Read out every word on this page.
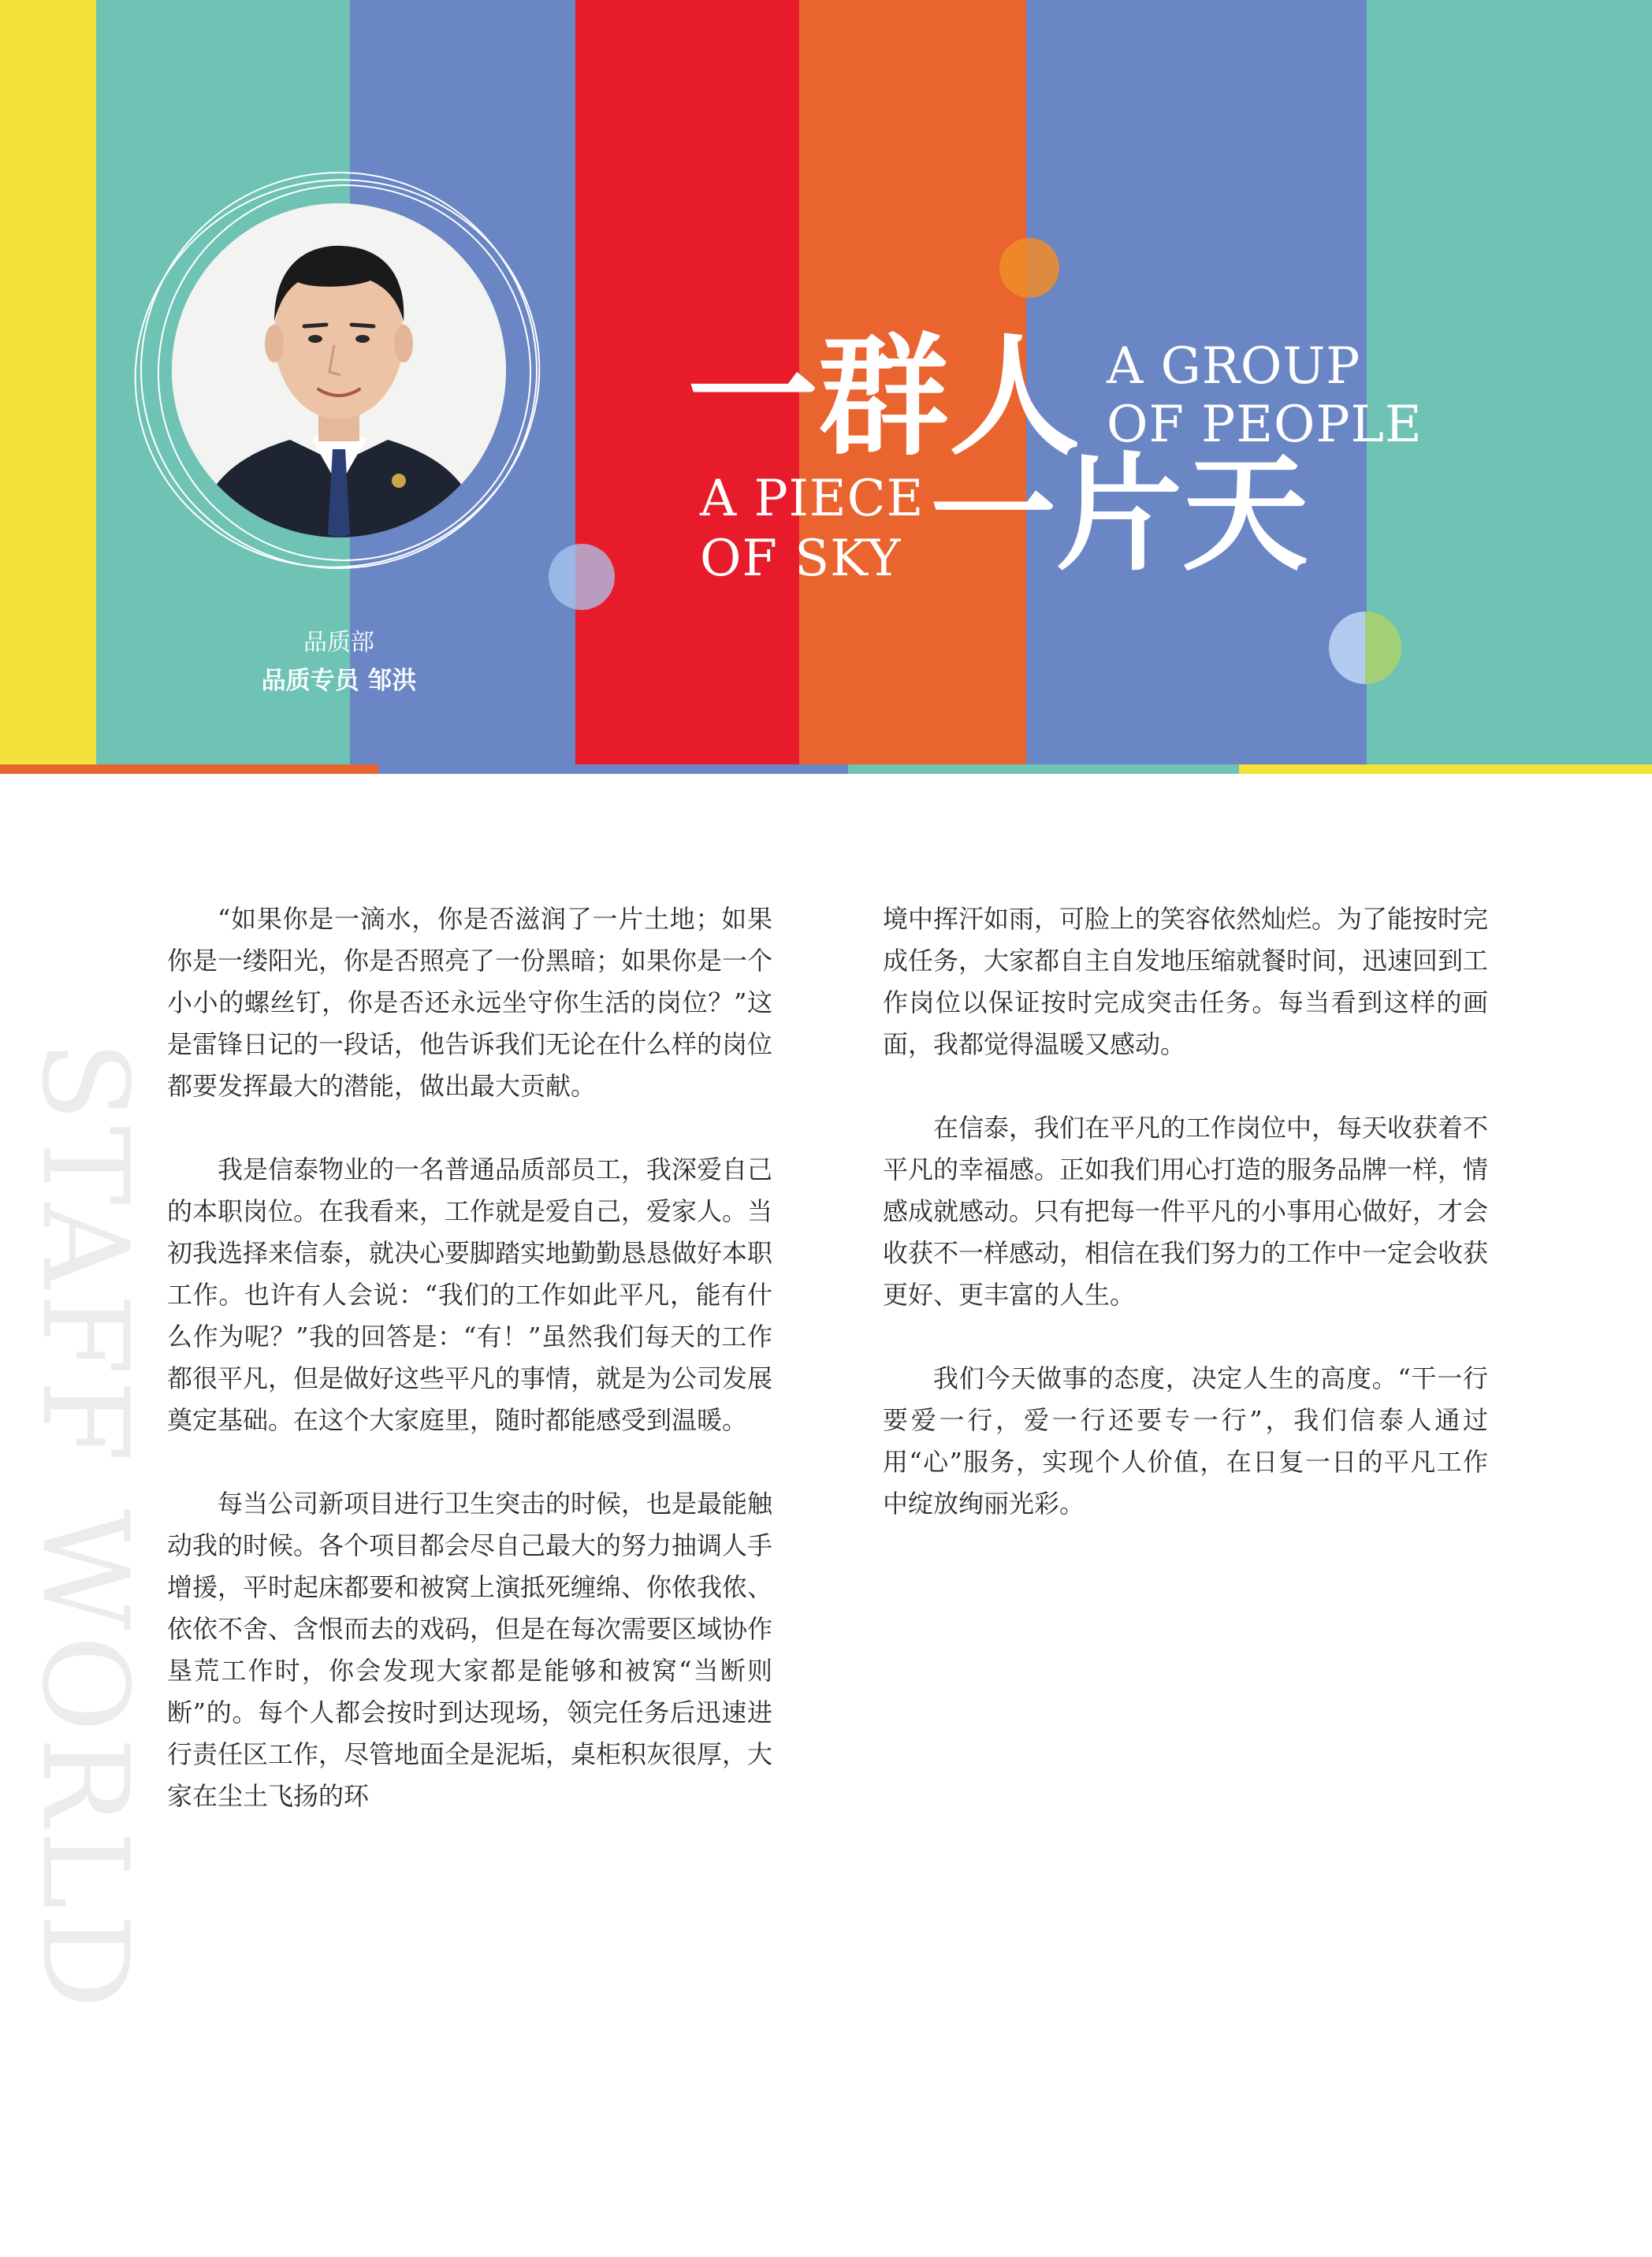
品质部
品质专员 邹洪
一群人
一片天
A GROUP
OF PEOPLE
A PIECE
OF SKY
STAFF WORLD

“如果你是一滴水，你是否滋润了一片土地；如果你是一缕阳光，你是否照亮了一份黑暗；如果你是一个小小的螺丝钉，你是否还永远坐守你生活的岗位？”这是雷锋日记的一段话，他告诉我们无论在什么样的岗位都要发挥最大的潜能，做出最大贡献。

我是信泰物业的一名普通品质部员工，我深爱自己的本职岗位。在我看来，工作就是爱自己，爱家人。当初我选择来信泰，就决心要脚踏实地勤勤恳恳做好本职工作。也许有人会说：“我们的工作如此平凡，能有什么作为呢？”我的回答是：“有！”虽然我们每天的工作都很平凡，但是做好这些平凡的事情，就是为公司发展奠定基础。在这个大家庭里，随时都能感受到温暖。

每当公司新项目进行卫生突击的时候，也是最能触动我的时候。各个项目都会尽自己最大的努力抽调人手增援，平时起床都要和被窝上演抵死缠绵、你侬我侬、依依不舍、含恨而去的戏码，但是在每次需要区域协作垦荒工作时，你会发现大家都是能够和被窝“当断则断”的。每个人都会按时到达现场，领完任务后迅速进行责任区工作，尽管地面全是泥垢，桌柜积灰很厚，大家在尘土飞扬的环

境中挥汗如雨，可脸上的笑容依然灿烂。为了能按时完成任务，大家都自主自发地压缩就餐时间，迅速回到工作岗位以保证按时完成突击任务。每当看到这样的画面，我都觉得温暖又感动。

在信泰，我们在平凡的工作岗位中，每天收获着不平凡的幸福感。正如我们用心打造的服务品牌一样，情感成就感动。只有把每一件平凡的小事用心做好，才会收获不一样感动，相信在我们努力的工作中一定会收获更好、更丰富的人生。

我们今天做事的态度，决定人生的高度。“干一行要爱一行，爱一行还要专一行”，我们信泰人通过用“心”服务，实现个人价值，在日复一日的平凡工作中绽放绚丽光彩。
